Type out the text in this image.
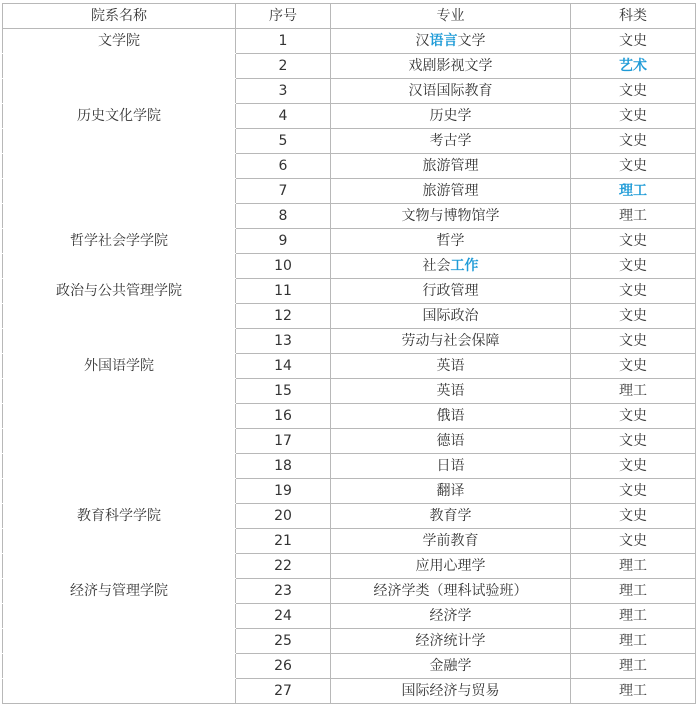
院系名称	序号	专业	科类
文学院	1	汉语言文学	文史
	2	戏剧影视文学	艺术
	3	汉语国际教育	文史
历史文化学院	4	历史学	文史
	5	考古学	文史
	6	旅游管理	文史
	7	旅游管理	理工
	8	文物与博物馆学	理工
哲学社会学学院	9	哲学	文史
	10	社会工作	文史
政治与公共管理学院	11	行政管理	文史
	12	国际政治	文史
	13	劳动与社会保障	文史
外国语学院	14	英语	文史
	15	英语	理工
	16	俄语	文史
	17	德语	文史
	18	日语	文史
	19	翻译	文史
教育科学学院	20	教育学	文史
	21	学前教育	文史
	22	应用心理学	理工
经济与管理学院	23	经济学类（理科试验班）	理工
	24	经济学	理工
	25	经济统计学	理工
	26	金融学	理工
	27	国际经济与贸易	理工
